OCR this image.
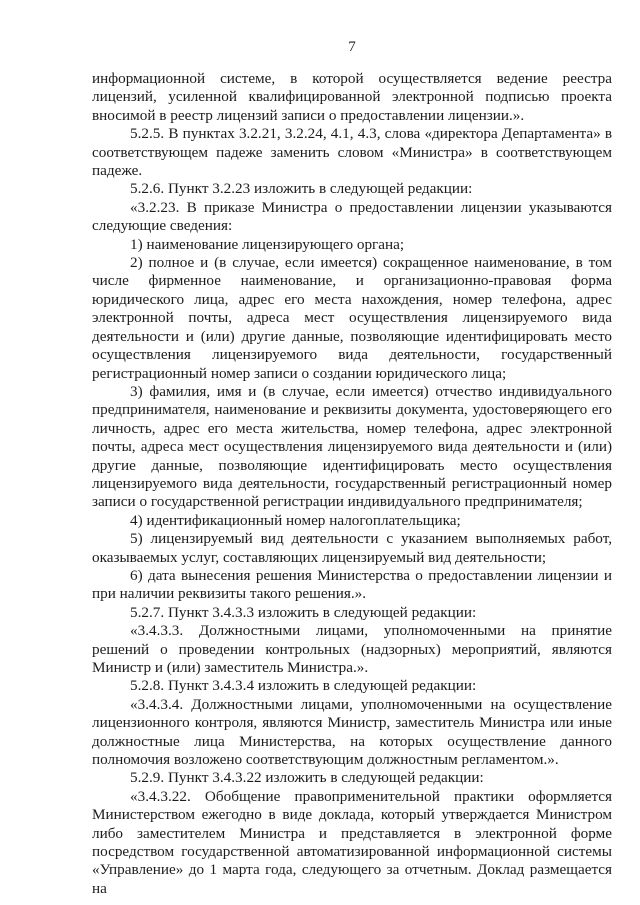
7

информационной системе, в которой осуществляется ведение реестра лицензий, усиленной квалифицированной электронной подписью проекта вносимой в реестр лицензий записи о предоставлении лицензии.».

5.2.5. В пунктах 3.2.21, 3.2.24, 4.1, 4.3, слова «директора Департамента» в соответствующем падеже заменить словом «Министра» в соответствующем падеже.

5.2.6. Пункт 3.2.23 изложить в следующей редакции:

«3.2.23. В приказе Министра о предоставлении лицензии указываются следующие сведения:

1) наименование лицензирующего органа;

2) полное и (в случае, если имеется) сокращенное наименование, в том числе фирменное наименование, и организационно-правовая форма юридического лица, адрес его места нахождения, номер телефона, адрес электронной почты, адреса мест осуществления лицензируемого вида деятельности и (или) другие данные, позволяющие идентифицировать место осуществления лицензируемого вида деятельности, государственный регистрационный номер записи о создании юридического лица;

3) фамилия, имя и (в случае, если имеется) отчество индивидуального предпринимателя, наименование и реквизиты документа, удостоверяющего его личность, адрес его места жительства, номер телефона, адрес электронной почты, адреса мест осуществления лицензируемого вида деятельности и (или) другие данные, позволяющие идентифицировать место осуществления лицензируемого вида деятельности, государственный регистрационный номер записи о государственной регистрации индивидуального предпринимателя;

4) идентификационный номер налогоплательщика;

5) лицензируемый вид деятельности с указанием выполняемых работ, оказываемых услуг, составляющих лицензируемый вид деятельности;

6) дата вынесения решения Министерства о предоставлении лицензии и при наличии реквизиты такого решения.».

5.2.7. Пункт 3.4.3.3 изложить в следующей редакции:

«3.4.3.3. Должностными лицами, уполномоченными на принятие решений о проведении контрольных (надзорных) мероприятий, являются Министр и (или) заместитель Министра.».

5.2.8. Пункт 3.4.3.4 изложить в следующей редакции:

«3.4.3.4. Должностными лицами, уполномоченными на осуществление лицензионного контроля, являются Министр, заместитель Министра или иные должностные лица Министерства, на которых осуществление данного полномочия возложено соответствующим должностным регламентом.».

5.2.9. Пункт 3.4.3.22 изложить в следующей редакции:

«3.4.3.22. Обобщение правоприменительной практики оформляется Министерством ежегодно в виде доклада, который утверждается Министром либо заместителем Министра и представляется в электронной форме посредством государственной автоматизированной информационной системы «Управление» до 1 марта года, следующего за отчетным. Доклад размещается на
